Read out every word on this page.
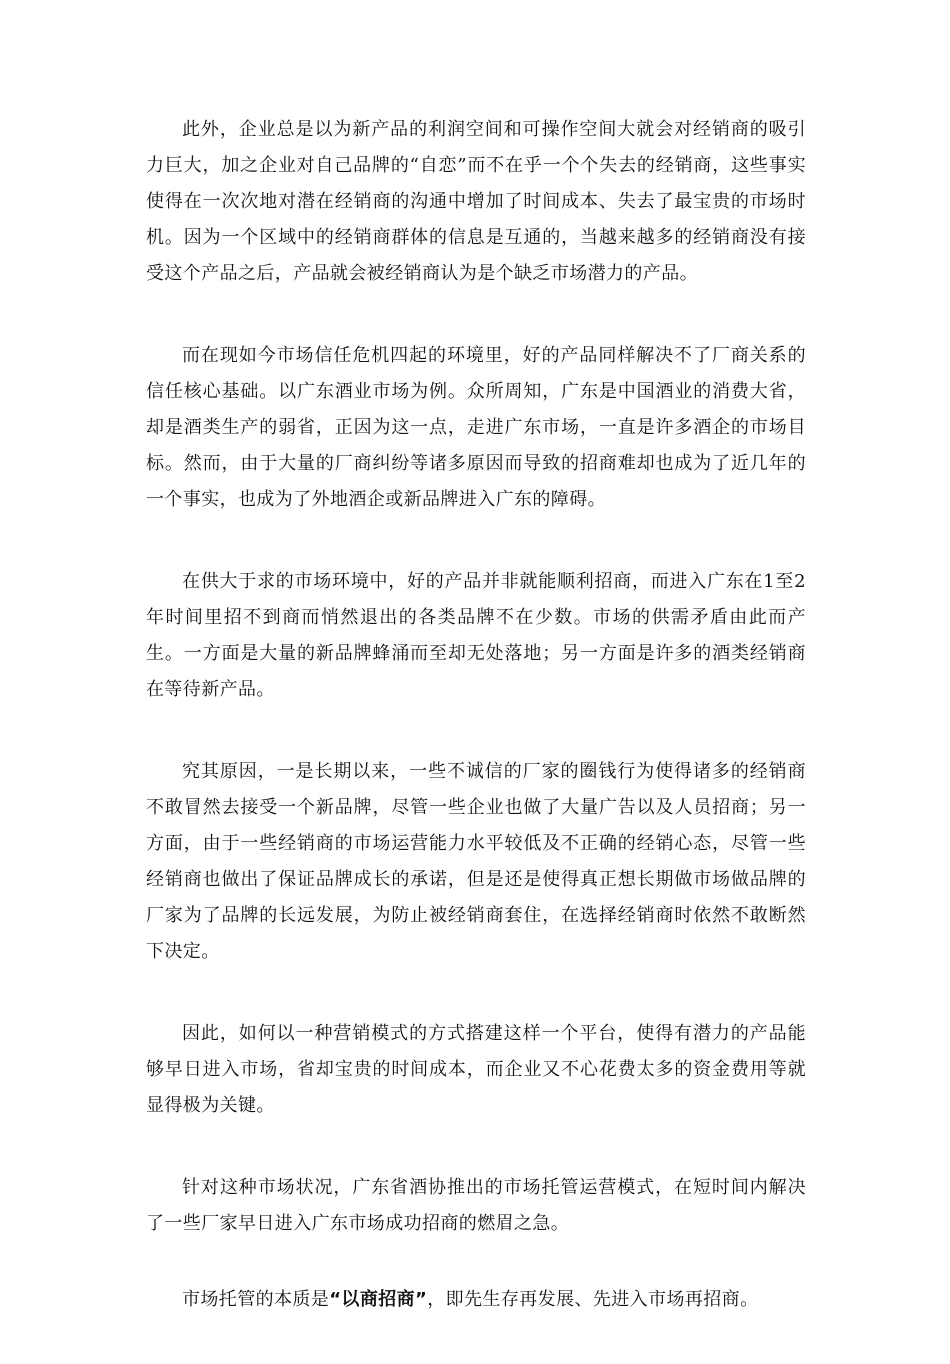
此外，企业总是以为新产品的利润空间和可操作空间大就会对经销商的吸引力巨大，加之企业对自己品牌的“自恋”而不在乎一个个失去的经销商，这些事实使得在一次次地对潜在经销商的沟通中增加了时间成本、失去了最宝贵的市场时机。因为一个区域中的经销商群体的信息是互通的，当越来越多的经销商没有接受这个产品之后，产品就会被经销商认为是个缺乏市场潜力的产品。

而在现如今市场信任危机四起的环境里，好的产品同样解决不了厂商关系的信任核心基础。以广东酒业市场为例。众所周知，广东是中国酒业的消费大省，却是酒类生产的弱省，正因为这一点，走进广东市场，一直是许多酒企的市场目标。然而，由于大量的厂商纠纷等诸多原因而导致的招商难却也成为了近几年的一个事实，也成为了外地酒企或新品牌进入广东的障碍。

在供大于求的市场环境中，好的产品并非就能顺利招商，而进入广东在1至2年时间里招不到商而悄然退出的各类品牌不在少数。市场的供需矛盾由此而产生。一方面是大量的新品牌蜂涌而至却无处落地；另一方面是许多的酒类经销商在等待新产品。

究其原因，一是长期以来，一些不诚信的厂家的圈钱行为使得诸多的经销商不敢冒然去接受一个新品牌，尽管一些企业也做了大量广告以及人员招商；另一方面，由于一些经销商的市场运营能力水平较低及不正确的经销心态，尽管一些经销商也做出了保证品牌成长的承诺，但是还是使得真正想长期做市场做品牌的厂家为了品牌的长远发展，为防止被经销商套住，在选择经销商时依然不敢断然下决定。

因此，如何以一种营销模式的方式搭建这样一个平台，使得有潜力的产品能够早日进入市场，省却宝贵的时间成本，而企业又不心花费太多的资金费用等就显得极为关键。

针对这种市场状况，广东省酒协推出的市场托管运营模式，在短时间内解决了一些厂家早日进入广东市场成功招商的燃眉之急。

市场托管的本质是“以商招商”，即先生存再发展、先进入市场再招商。
